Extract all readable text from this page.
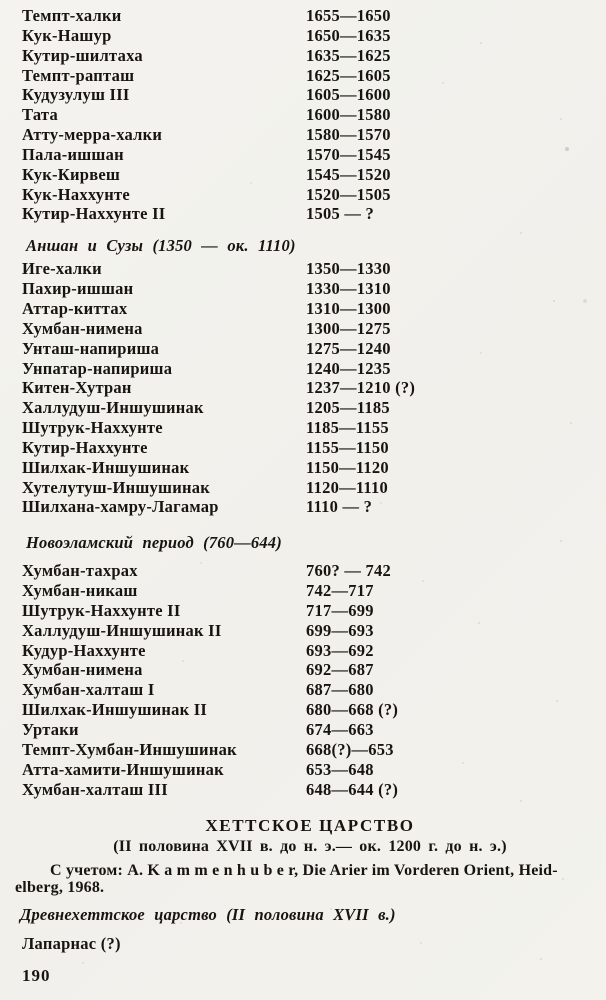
Темпт-халки	1655—1650
Кук-Нашур	1650—1635
Кутир-шилтаха	1635—1625
Темпт-рапташ	1625—1605
Кудузулуш III	1605—1600
Тата	1600—1580
Атту-мерра-халки	1580—1570
Пала-ишшан	1570—1545
Кук-Кирвеш	1545—1520
Кук-Наххунте	1520—1505
Кутир-Наххунте II	1505 — ?
Аншан и Сузы (1350 — ок. 1110)
Иге-халки	1350—1330
Пахир-ишшан	1330—1310
Аттар-киттах	1310—1300
Хумбан-нимена	1300—1275
Унташ-напириша	1275—1240
Унпатар-напириша	1240—1235
Китен-Хутран	1237—1210 (?)
Халлудуш-Иншушинак	1205—1185
Шутрук-Наххунте	1185—1155
Кутир-Наххунте	1155—1150
Шилхак-Иншушинак	1150—1120
Хутелутуш-Иншушинак	1120—1110
Шилхана-хамру-Лагамар	1110 — ?
Новоэламский период (760—644)
Хумбан-тахрах	760? — 742
Хумбан-никаш	742—717
Шутрук-Наххунте II	717—699
Халлудуш-Иншушинак II	699—693
Кудур-Наххунте	693—692
Хумбан-нимена	692—687
Хумбан-халташ I	687—680
Шилхак-Иншушинак II	680—668 (?)
Уртаки	674—663
Темпт-Хумбан-Иншушинак	668(?)—653
Атта-хамити-Иншушинак	653—648
Хумбан-халташ III	648—644 (?)
ХЕТТСКОЕ ЦАРСТВО
(II половина XVII в. до н. э.— ок. 1200 г. до н. э.)

С учетом: А. K a m m e n h u b e r, Die Arier im Vorderen Orient, Heid-
elberg, 1968.

Древнехеттское царство (II половина XVII в.)
Лапарнас (?)
190
